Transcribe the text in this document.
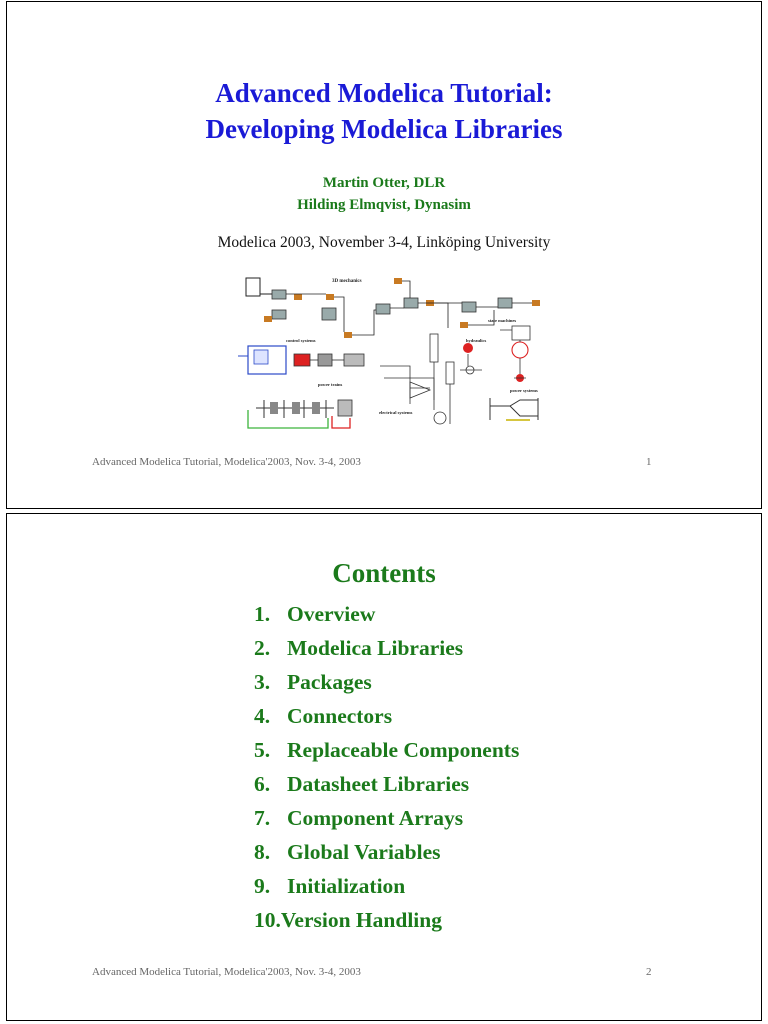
Advanced Modelica Tutorial:
Developing Modelica Libraries
Martin Otter, DLR
Hilding Elmqvist, Dynasim
Modelica 2003, November 3-4, Linköping University
3D mechanics
control systems
power trains
electrical systems
hydraulics
state machines
power systems
Advanced Modelica Tutorial, Modelica'2003, Nov. 3-4, 2003	1
Contents
1. Overview
2. Modelica Libraries
3. Packages
4. Connectors
5. Replaceable Components
6. Datasheet Libraries
7. Component Arrays
8. Global Variables
9. Initialization
10.Version Handling
Advanced Modelica Tutorial, Modelica'2003, Nov. 3-4, 2003	2
